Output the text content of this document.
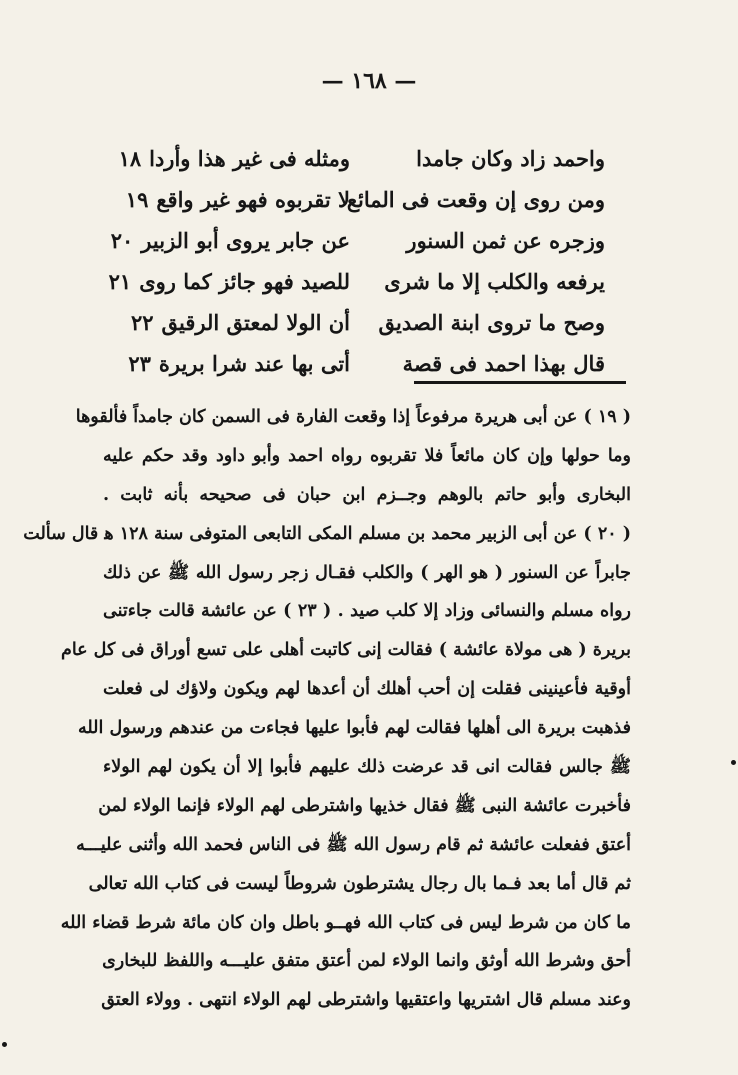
— ١٦٨ —
واحمد زاد وكان جامدا
ومثله فى غير هذا وأردا١٨
ومن روى إن وقعت فى المائع
لا تقربوه فهو غير واقع١٩
وزجره عن ثمن السنور
عن جابر يروى أبو الزبير٢٠
يرفعه والكلب إلا ما شرى
للصيد فهو جائز كما روى٢١
وصح ما تروى ابنة الصديق
أن الولا لمعتق الرقيق٢٢
قال بهذا احمد فى قصة
أتى بها عند شرا بريرة٢٣
( ١٩ ) عن أبى هريرة مرفوعاً إذا وقعت الفارة فى السمن كان جامداً فألقوها
وما حولها وإن كان مائعاً فلا تقربوه رواه احمد وأبو داود وقد حكم عليه
البخارى وأبو حاتم بالوهم وجــزم ابن حبان فى صحيحه بأنه ثابت .
( ٢٠ ) عن أبى الزبير محمد بن مسلم المكى التابعى المتوفى سنة ١٢٨ ﻫ قال سألت
جابراً عن السنور ( هو الهر ) والكلب فقـال زجر رسول الله ﷺ عن ذلك
رواه مسلم والنسائى وزاد إلا كلب صيد . ( ٢٣ ) عن عائشة قالت جاءتنى
بريرة ( هى مولاة عائشة ) فقالت إنى كاتبت أهلى على تسع أوراق فى كل عام
أوقية فأعينينى فقلت إن أحب أهلك أن أعدها لهم ويكون ولاؤك لى فعلت
فذهبت بريرة الى أهلها فقالت لهم فأبوا عليها فجاءت من عندهم ورسول الله
ﷺ جالس فقالت انى قد عرضت ذلك عليهم فأبوا إلا أن يكون لهم الولاء
فأخبرت عائشة النبى ﷺ فقال خذيها واشترطى لهم الولاء فإنما الولاء لمن
أعتق ففعلت عائشة ثم قام رسول الله ﷺ فى الناس فحمد الله وأثنى عليـــه
ثم قال أما بعد فـما بال رجال يشترطون شروطاً ليست فى كتاب الله تعالى
ما كان من شرط ليس فى كتاب الله فهــو باطل وان كان مائة شرط قضاء الله
أحق وشرط الله أوثق وانما الولاء لمن أعتق متفق عليـــه واللفظ للبخارى
وعند مسلم قال اشتريها واعتقيها واشترطى لهم الولاء انتهى . وولاء العتق
